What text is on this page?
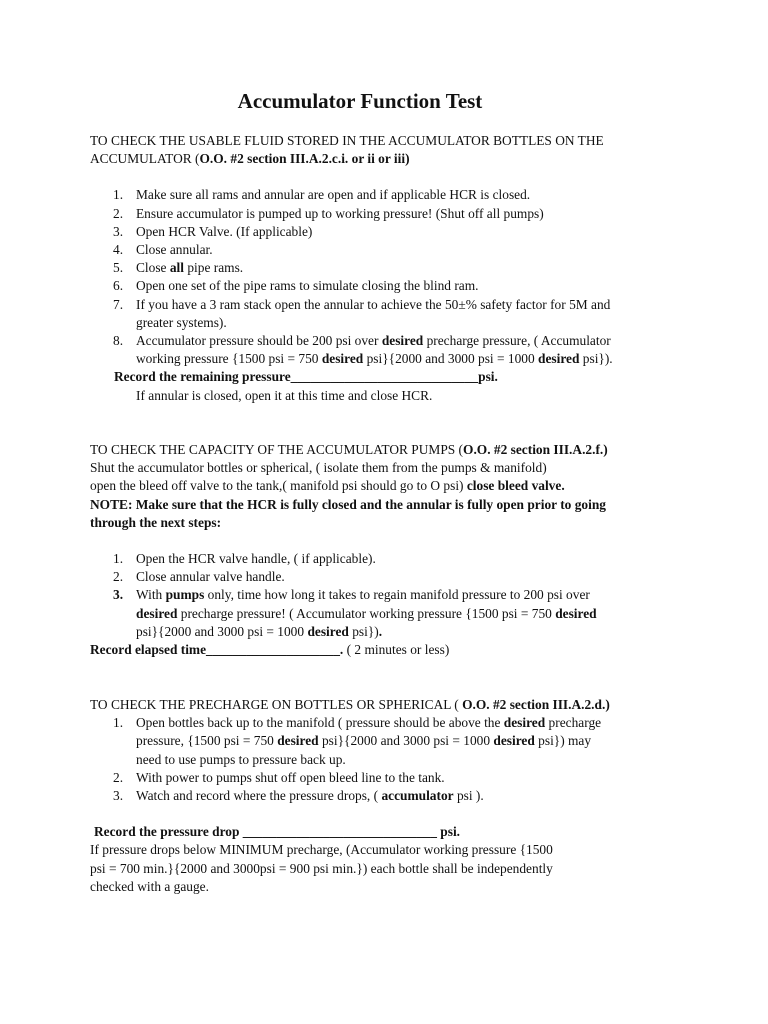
Accumulator Function Test
TO CHECK THE USABLE FLUID STORED IN THE ACCUMULATOR BOTTLES ON THE
ACCUMULATOR (O.O. #2 section III.A.2.c.i. or ii or iii)
1. Make sure all rams and annular are open and if applicable HCR is closed.
2. Ensure accumulator is pumped up to working pressure! (Shut off all pumps)
3. Open HCR Valve. (If applicable)
4. Close annular.
5. Close all pipe rams.
6. Open one set of the pipe rams to simulate closing the blind ram.
7. If you have a 3 ram stack open the annular to achieve the 50±% safety factor for 5M and
greater systems).
8. Accumulator pressure should be 200 psi over desired precharge pressure, ( Accumulator
working pressure {1500 psi = 750 desired psi}{2000 and 3000 psi = 1000 desired psi}).
Record the remaining pressure____________________________psi.
If annular is closed, open it at this time and close HCR.
TO CHECK THE CAPACITY OF THE ACCUMULATOR PUMPS (O.O. #2 section III.A.2.f.)
Shut the accumulator bottles or spherical, ( isolate them from the pumps & manifold)
open the bleed off valve to the tank,( manifold psi should go to O psi) close bleed valve.
NOTE: Make sure that the HCR is fully closed and the annular is fully open prior to going
through the next steps:
1. Open the HCR valve handle, ( if applicable).
2. Close annular valve handle.
3. With pumps only, time how long it takes to regain manifold pressure to 200 psi over
desired precharge pressure! ( Accumulator working pressure {1500 psi = 750 desired
psi}{2000 and 3000 psi = 1000 desired psi}).
Record elapsed time____________________. ( 2 minutes or less)
TO CHECK THE PRECHARGE ON BOTTLES OR SPHERICAL ( O.O. #2 section III.A.2.d.)
1. Open bottles back up to the manifold ( pressure should be above the desired precharge
pressure, {1500 psi = 750 desired psi}{2000 and 3000 psi = 1000 desired psi}) may
need to use pumps to pressure back up.
2. With power to pumps shut off open bleed line to the tank.
3. Watch and record where the pressure drops, ( accumulator psi ).
Record the pressure drop _____________________________ psi.
If pressure drops below MINIMUM precharge, (Accumulator working pressure {1500
psi = 700 min.}{2000 and 3000psi = 900 psi min.}) each bottle shall be independently
checked with a gauge.
